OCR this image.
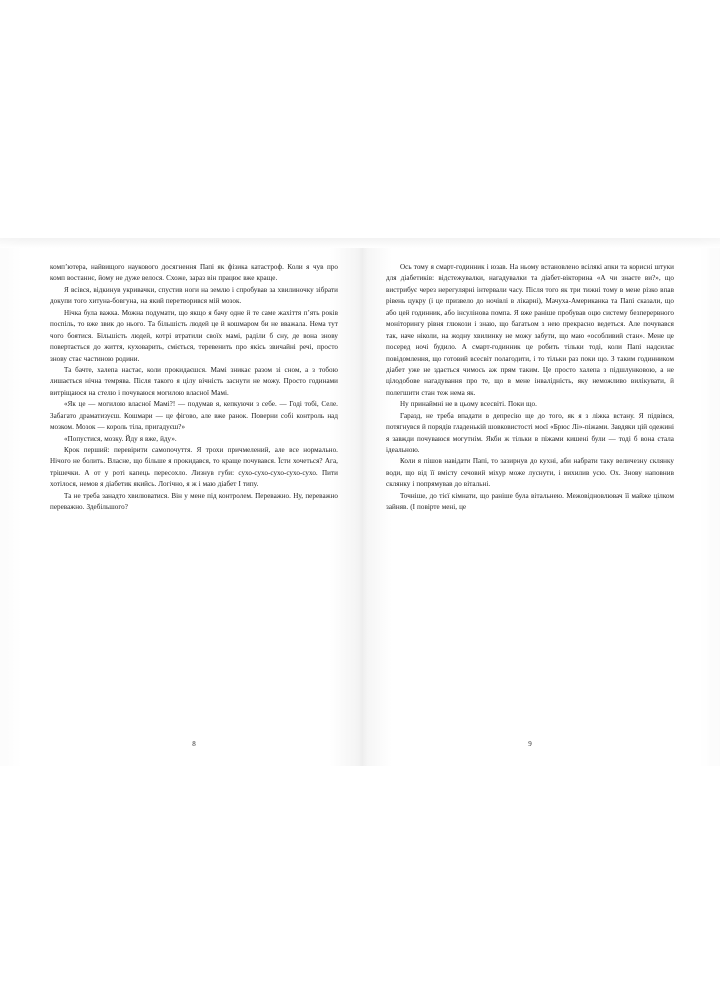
комп’ютера, найвищого наукового досягнення Папі як фізика катастроф. Коли я чув про комп востаннє, йому не дуже велося. Схоже, зараз він працює вже краще.

Я всівся, відкинув укривачки, спустив ноги на землю і спробував за хвилиночку зібрати докупи того хитуна-бовгуна, на який перетворився мій мозок.

Нічка була важка. Можна подумати, що якщо я бачу одне й те саме жахіття п’ять років поспіль, то вже звик до нього. Та більшість людей це й кошмаром би не вважала. Нема тут чого боятися. Більшість людей, котрі втратили своїх мамі, раділи б сну, де вона знову повертається до життя, куховарить, сміється, теревенить про якісь звичайні речі, просто знову стає частиною родини.

Та бачте, халепа настає, коли прокидаєшся. Мамі зникає разом зі сном, а з тобою лишається нічна темрява. Після такого я цілу вічність заснути не можу. Просто годинами витріщаюся на стелю і почуваюся могилою власної Мамі.

«Як це — могилою власної Мамі?! — подумав я, кепкуючи з себе. — Годі тобі, Селе. Забагато драматизуєш. Кошмари — це фігово, але вже ранок. Поверни собі контроль над мозком. Мозок — король тіла, пригадуєш?»

«Попустися, мозку. Йду я вже, йду».

Крок перший: перевірити самопочуття. Я трохи причмелений, але все нормально. Нічого не болить. Власне, що більше я прокидався, то краще почувався. Їсти хочеться? Ага, трішечки. А от у роті капець пересохло. Лизнув губи: сухо-сухо-сухо-сухо-сухо. Пити хотілося, немов я діабетик якийсь. Логічно, я ж і маю діабет І типу.

Та не треба занадто хвилюватися. Він у мене під контролем. Переважно. Ну, переважно переважно. Здебільшого?

8

Ось тому я смарт-годинник і юзав. На ньому встановлено всілякі апки та корисні штуки для діабетиків: відстежувалки, нагадувалки та діабет-вікторина «А чи знаєте ви?», що вистрибує через нерегулярні інтервали часу. Після того як три тижні тому в мене різко впав рівень цукру (і це призвело до ночівлі в лікарні), Мачуха-Американка та Папі сказали, що або цей годинник, або інсулінова помпа. Я вже раніше пробував оцю систему безперервного моніторингу рівня глюкози і знаю, що багатьом з нею прекрасно ведеться. Але почувався так, наче ніколи, на жодну хвилинку не можу забути, що маю «особливий стан». Мене це посеред ночі будило. А смарт-годинник це робить тільки тоді, коли Папі надсилає повідомлення, що готовий всесвіт полагодити, і то тільки раз поки що. З таким годинником діабет уже не здається чимось аж прям таким. Це просто халепа з підшлунковою, а не цілодобове нагадування про те, що в мене інвалідність, яку неможливо вилікувати, й полегшити стан теж нема як.

Ну принаймні не в цьому всесвіті. Поки що.

Гаразд, не треба впадати в депресію ще до того, як я з ліжка встану. Я підвівся, потягнувся й порядів гладенькій шовковистості моєї «Брюс Лі»-піжами. Завдяки цій одежині я завжди почуваюся могутнім. Якби ж тільки в піжами кишені були — тоді б вона стала ідеальною.

Коли я пішов навідати Папі, то зазирнув до кухні, аби набрати таку величезну склянку води, що від її вмісту сечовий міхур може луснути, і вихилив усю. Ох. Знову наповнив склянку і попрямував до вітальні.

Точніше, до тієї кімнати, що раніше була вітальнею. Межовідновлювач її майже цілком зайняв. (І повірте мені, це

9
